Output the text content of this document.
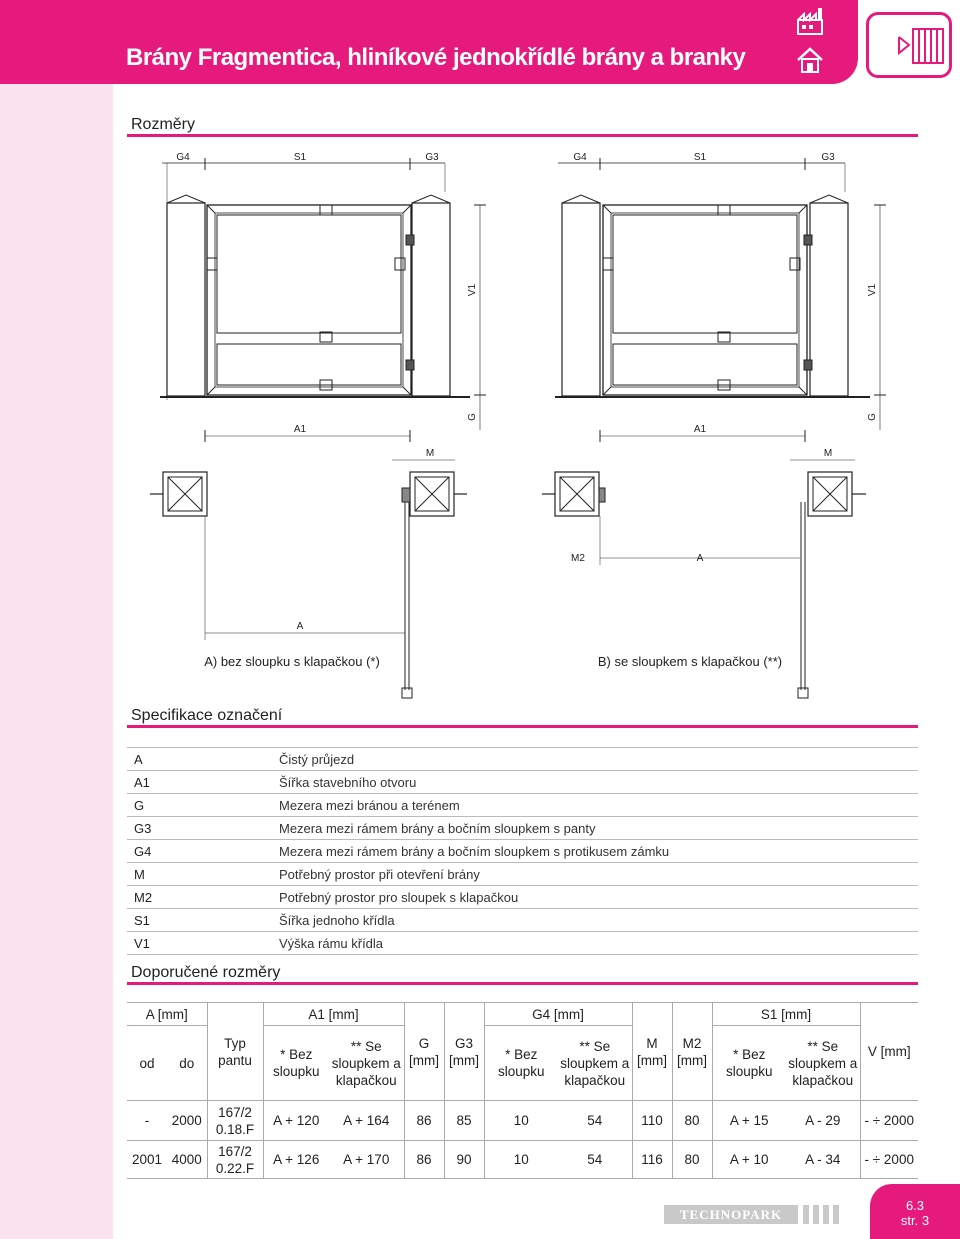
Brány Fragmentica, hliníkové jednokřídlé brány a branky
Rozměry
G4	S1	G3	G4	S1	G3
V1	V1
G	G
A1	A1
M	M
M2	A
A
A) bez sloupku s klapačkou (*)	B) se sloupkem s klapačkou (**)
Specifikace označení
A	Čistý průjezd
A1	Šířka stavebního otvoru
G	Mezera mezi bránou a terénem
G3	Mezera mezi rámem brány a bočním sloupkem s panty
G4	Mezera mezi rámem brány a bočním sloupkem s protikusem zámku
M	Potřebný prostor při otevření brány
M2	Potřebný prostor pro sloupek s klapačkou
S1	Šířka jednoho křídla
V1	Výška rámu křídla
Doporučené rozměry
A [mm]		Typ pantu	A1 [mm]		G [mm]	G3 [mm]	G4 [mm]		M [mm]	M2 [mm]	S1 [mm]		V [mm]
od	do		* Bez sloupku	** Se sloupkem a klapačkou			* Bez sloupku	** Se sloupkem a klapačkou			* Bez sloupku	** Se sloupkem a klapačkou	
-	2000	167/2 0.18.F	A + 120	A + 164	86	85	10	54	110	80	A + 15	A - 29	- ÷ 2000
2001	4000	167/2 0.22.F	A + 126	A + 170	86	90	10	54	116	80	A + 10	A - 34	- ÷ 2000
TECHNOPARK
6.3
str. 3
